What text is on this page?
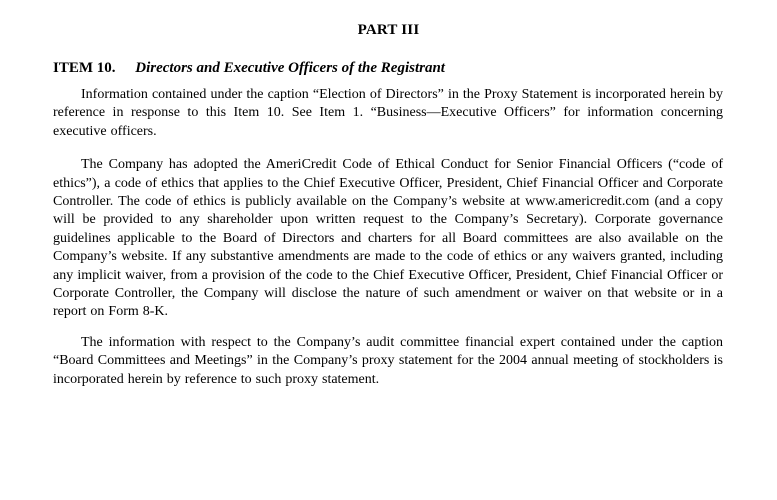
PART III
ITEM 10. Directors and Executive Officers of the Registrant

Information contained under the caption “Election of Directors” in the Proxy Statement is incorporated herein by reference in response to this Item 10. See Item 1. “Business—Executive Officers” for information concerning executive officers.

The Company has adopted the AmeriCredit Code of Ethical Conduct for Senior Financial Officers (“code of ethics”), a code of ethics that applies to the Chief Executive Officer, President, Chief Financial Officer and Corporate Controller. The code of ethics is publicly available on the Company’s website at www.americredit.com (and a copy will be provided to any shareholder upon written request to the Company’s Secretary). Corporate governance guidelines applicable to the Board of Directors and charters for all Board committees are also available on the Company’s website. If any substantive amendments are made to the code of ethics or any waivers granted, including any implicit waiver, from a provision of the code to the Chief Executive Officer, President, Chief Financial Officer or Corporate Controller, the Company will disclose the nature of such amendment or waiver on that website or in a report on Form 8-K.

The information with respect to the Company’s audit committee financial expert contained under the caption “Board Committees and Meetings” in the Company’s proxy statement for the 2004 annual meeting of stockholders is incorporated herein by reference to such proxy statement.
